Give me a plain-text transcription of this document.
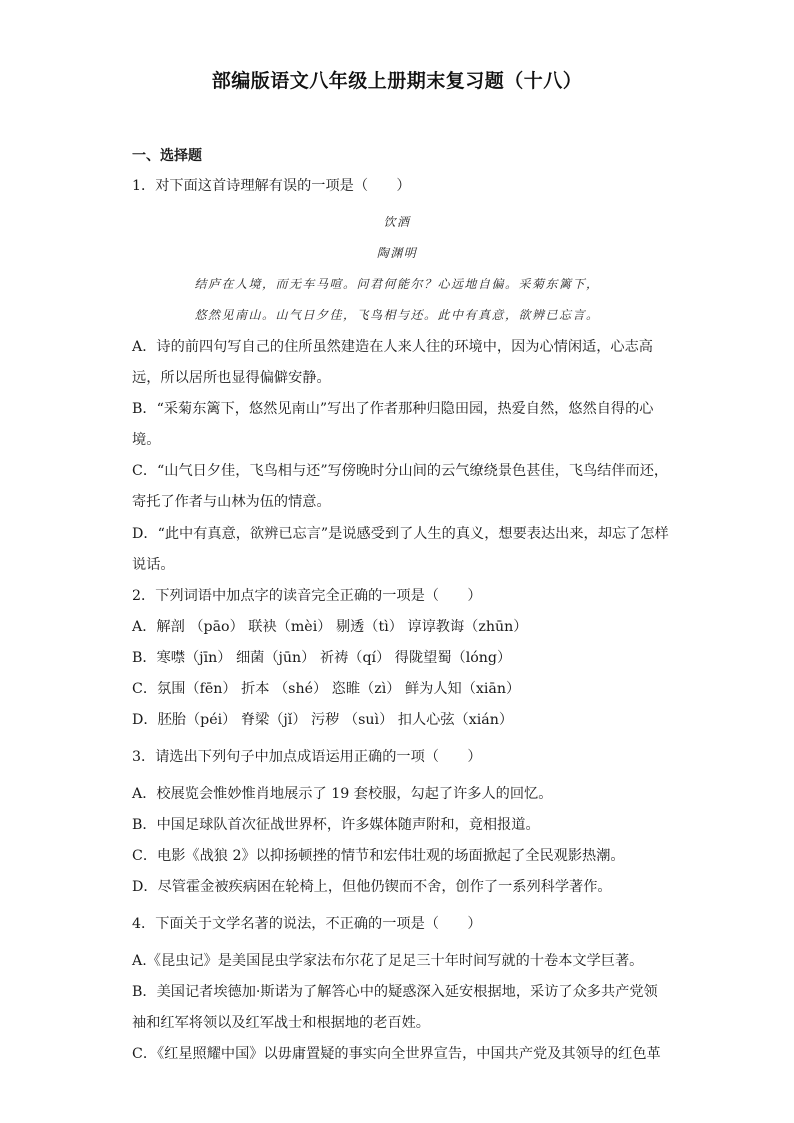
部编版语文八年级上册期末复习题（十八）
一、选择题
1．对下面这首诗理解有误的一项是（　　）
饮酒
陶渊明
结庐在人境，而无车马喧。问君何能尔？心远地自偏。采菊东篱下，
悠然见南山。山气日夕佳，飞鸟相与还。此中有真意，欲辨已忘言。
A．诗的前四句写自己的住所虽然建造在人来人往的环境中，因为心情闲适，心志高
远，所以居所也显得偏僻安静。
B．“采菊东篱下，悠然见南山”写出了作者那种归隐田园，热爱自然，悠然自得的心
境。
C．“山气日夕佳，飞鸟相与还”写傍晚时分山间的云气缭绕景色甚佳，飞鸟结伴而还，
寄托了作者与山林为伍的情意。
D．“此中有真意，欲辨已忘言”是说感受到了人生的真义，想要表达出来，却忘了怎样
说话。
2．下列词语中加点字的读音完全正确的一项是（　　）
A．解剖 （pāo） 联袂（mèi） 剔透（tì） 谆谆教诲（zhūn）
B．寒噤（jīn） 细菌（jūn） 祈祷（qí） 得陇望蜀（lóng）
C．氛围（fēn） 折本 （shé） 恣睢（zì） 鲜为人知（xiān）
D．胚胎（péi） 脊梁（jǐ） 污秽 （suì） 扣人心弦（xián）
3．请选出下列句子中加点成语运用正确的一项（　　）
A．校展览会惟妙惟肖地展示了 19 套校服，勾起了许多人的回忆。
B．中国足球队首次征战世界杯，许多媒体随声附和，竟相报道。
C．电影《战狼 2》以抑扬顿挫的情节和宏伟壮观的场面掀起了全民观影热潮。
D．尽管霍金被疾病困在轮椅上，但他仍锲而不舍，创作了一系列科学著作。
4．下面关于文学名著的说法，不正确的一项是（　　）
A.《昆虫记》是美国昆虫学家法布尔花了足足三十年时间写就的十卷本文学巨著。
B．美国记者埃德加·斯诺为了解答心中的疑惑深入延安根据地，采访了众多共产党领
袖和红军将领以及红军战士和根据地的老百姓。
C．《红星照耀中国》以毋庸置疑的事实向全世界宣告，中国共产党及其领导的红色革
